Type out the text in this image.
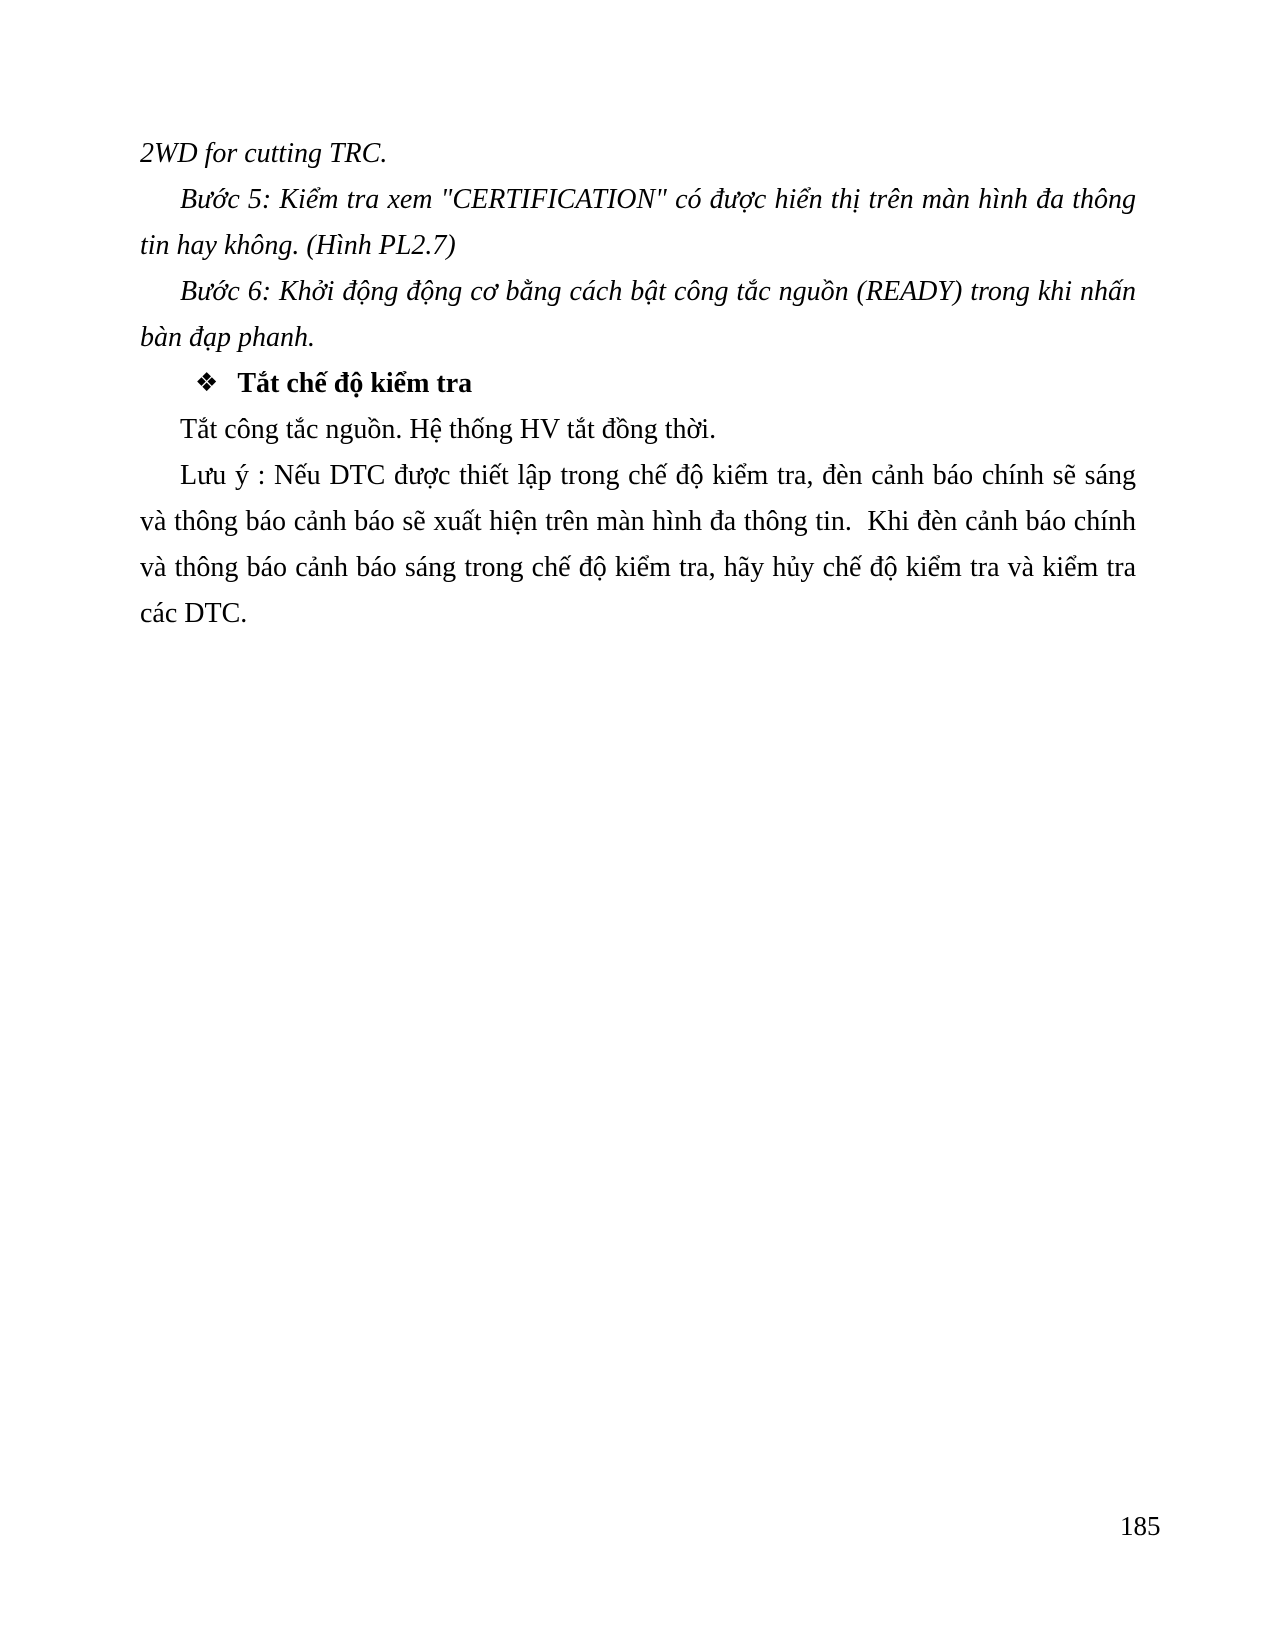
2WD for cutting TRC.

Bước 5: Kiểm tra xem "CERTIFICATION" có được hiển thị trên màn hình đa thông tin hay không. (Hình PL2.7)

Bước 6: Khởi động động cơ bằng cách bật công tắc nguồn (READY) trong khi nhấn bàn đạp phanh.

❖ Tắt chế độ kiểm tra

Tắt công tắc nguồn. Hệ thống HV tắt đồng thời.

Lưu ý : Nếu DTC được thiết lập trong chế độ kiểm tra, đèn cảnh báo chính sẽ sáng và thông báo cảnh báo sẽ xuất hiện trên màn hình đa thông tin.  Khi đèn cảnh báo chính và thông báo cảnh báo sáng trong chế độ kiểm tra, hãy hủy chế độ kiểm tra và kiểm tra các DTC.

185
